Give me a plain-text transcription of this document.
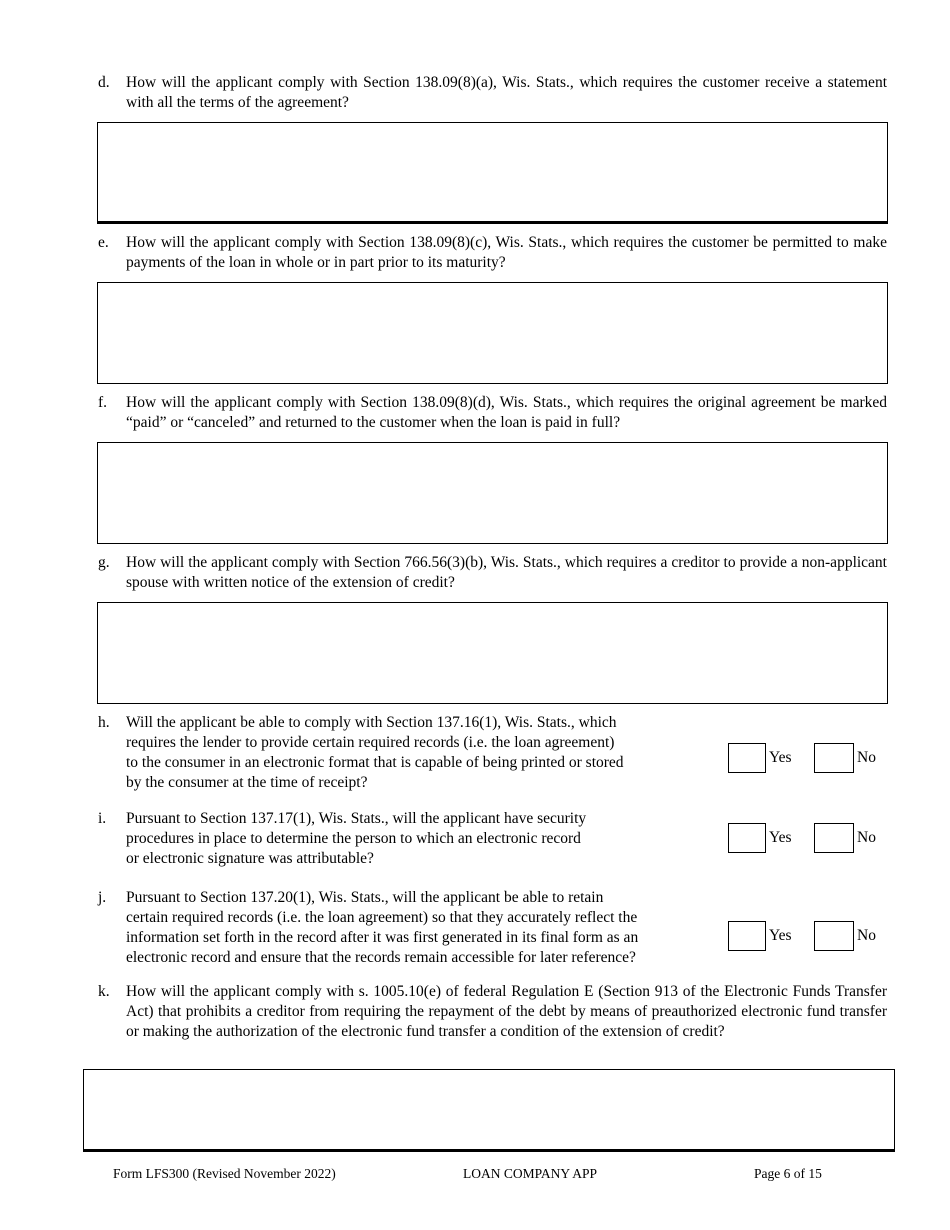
d.	How will the applicant comply with Section 138.09(8)(a), Wis. Stats., which requires the customer receive a statement with all the terms of the agreement?
e.	How will the applicant comply with Section 138.09(8)(c), Wis. Stats., which requires the customer be permitted to make payments of the loan in whole or in part prior to its maturity?
f.	How will the applicant comply with Section 138.09(8)(d), Wis. Stats., which requires the original agreement be marked “paid” or “canceled” and returned to the customer when the loan is paid in full?
g.	How will the applicant comply with Section 766.56(3)(b), Wis. Stats., which requires a creditor to provide a non-applicant spouse with written notice of the extension of credit?
h.	Will the applicant be able to comply with Section 137.16(1), Wis. Stats., which
requires the lender to provide certain required records (i.e. the loan agreement)
to the consumer in an electronic format that is capable of being printed or stored
by the consumer at the time of receipt?
Yes	No
i.	Pursuant to Section 137.17(1), Wis. Stats., will the applicant have security
procedures in place to determine the person to which an electronic record
or electronic signature was attributable?
Yes	No
j.	Pursuant to Section 137.20(1), Wis. Stats., will the applicant be able to retain
certain required records (i.e. the loan agreement) so that they accurately reflect the
information set forth in the record after it was first generated in its final form as an
electronic record and ensure that the records remain accessible for later reference?
Yes	No
k.	How will the applicant comply with s. 1005.10(e) of federal Regulation E (Section 913 of the Electronic Funds Transfer Act) that prohibits a creditor from requiring the repayment of the debt by means of preauthorized electronic fund transfer or making the authorization of the electronic fund transfer a condition of the extension of credit?
Form LFS300 (Revised November 2022)	LOAN COMPANY APP	Page 6 of 15
